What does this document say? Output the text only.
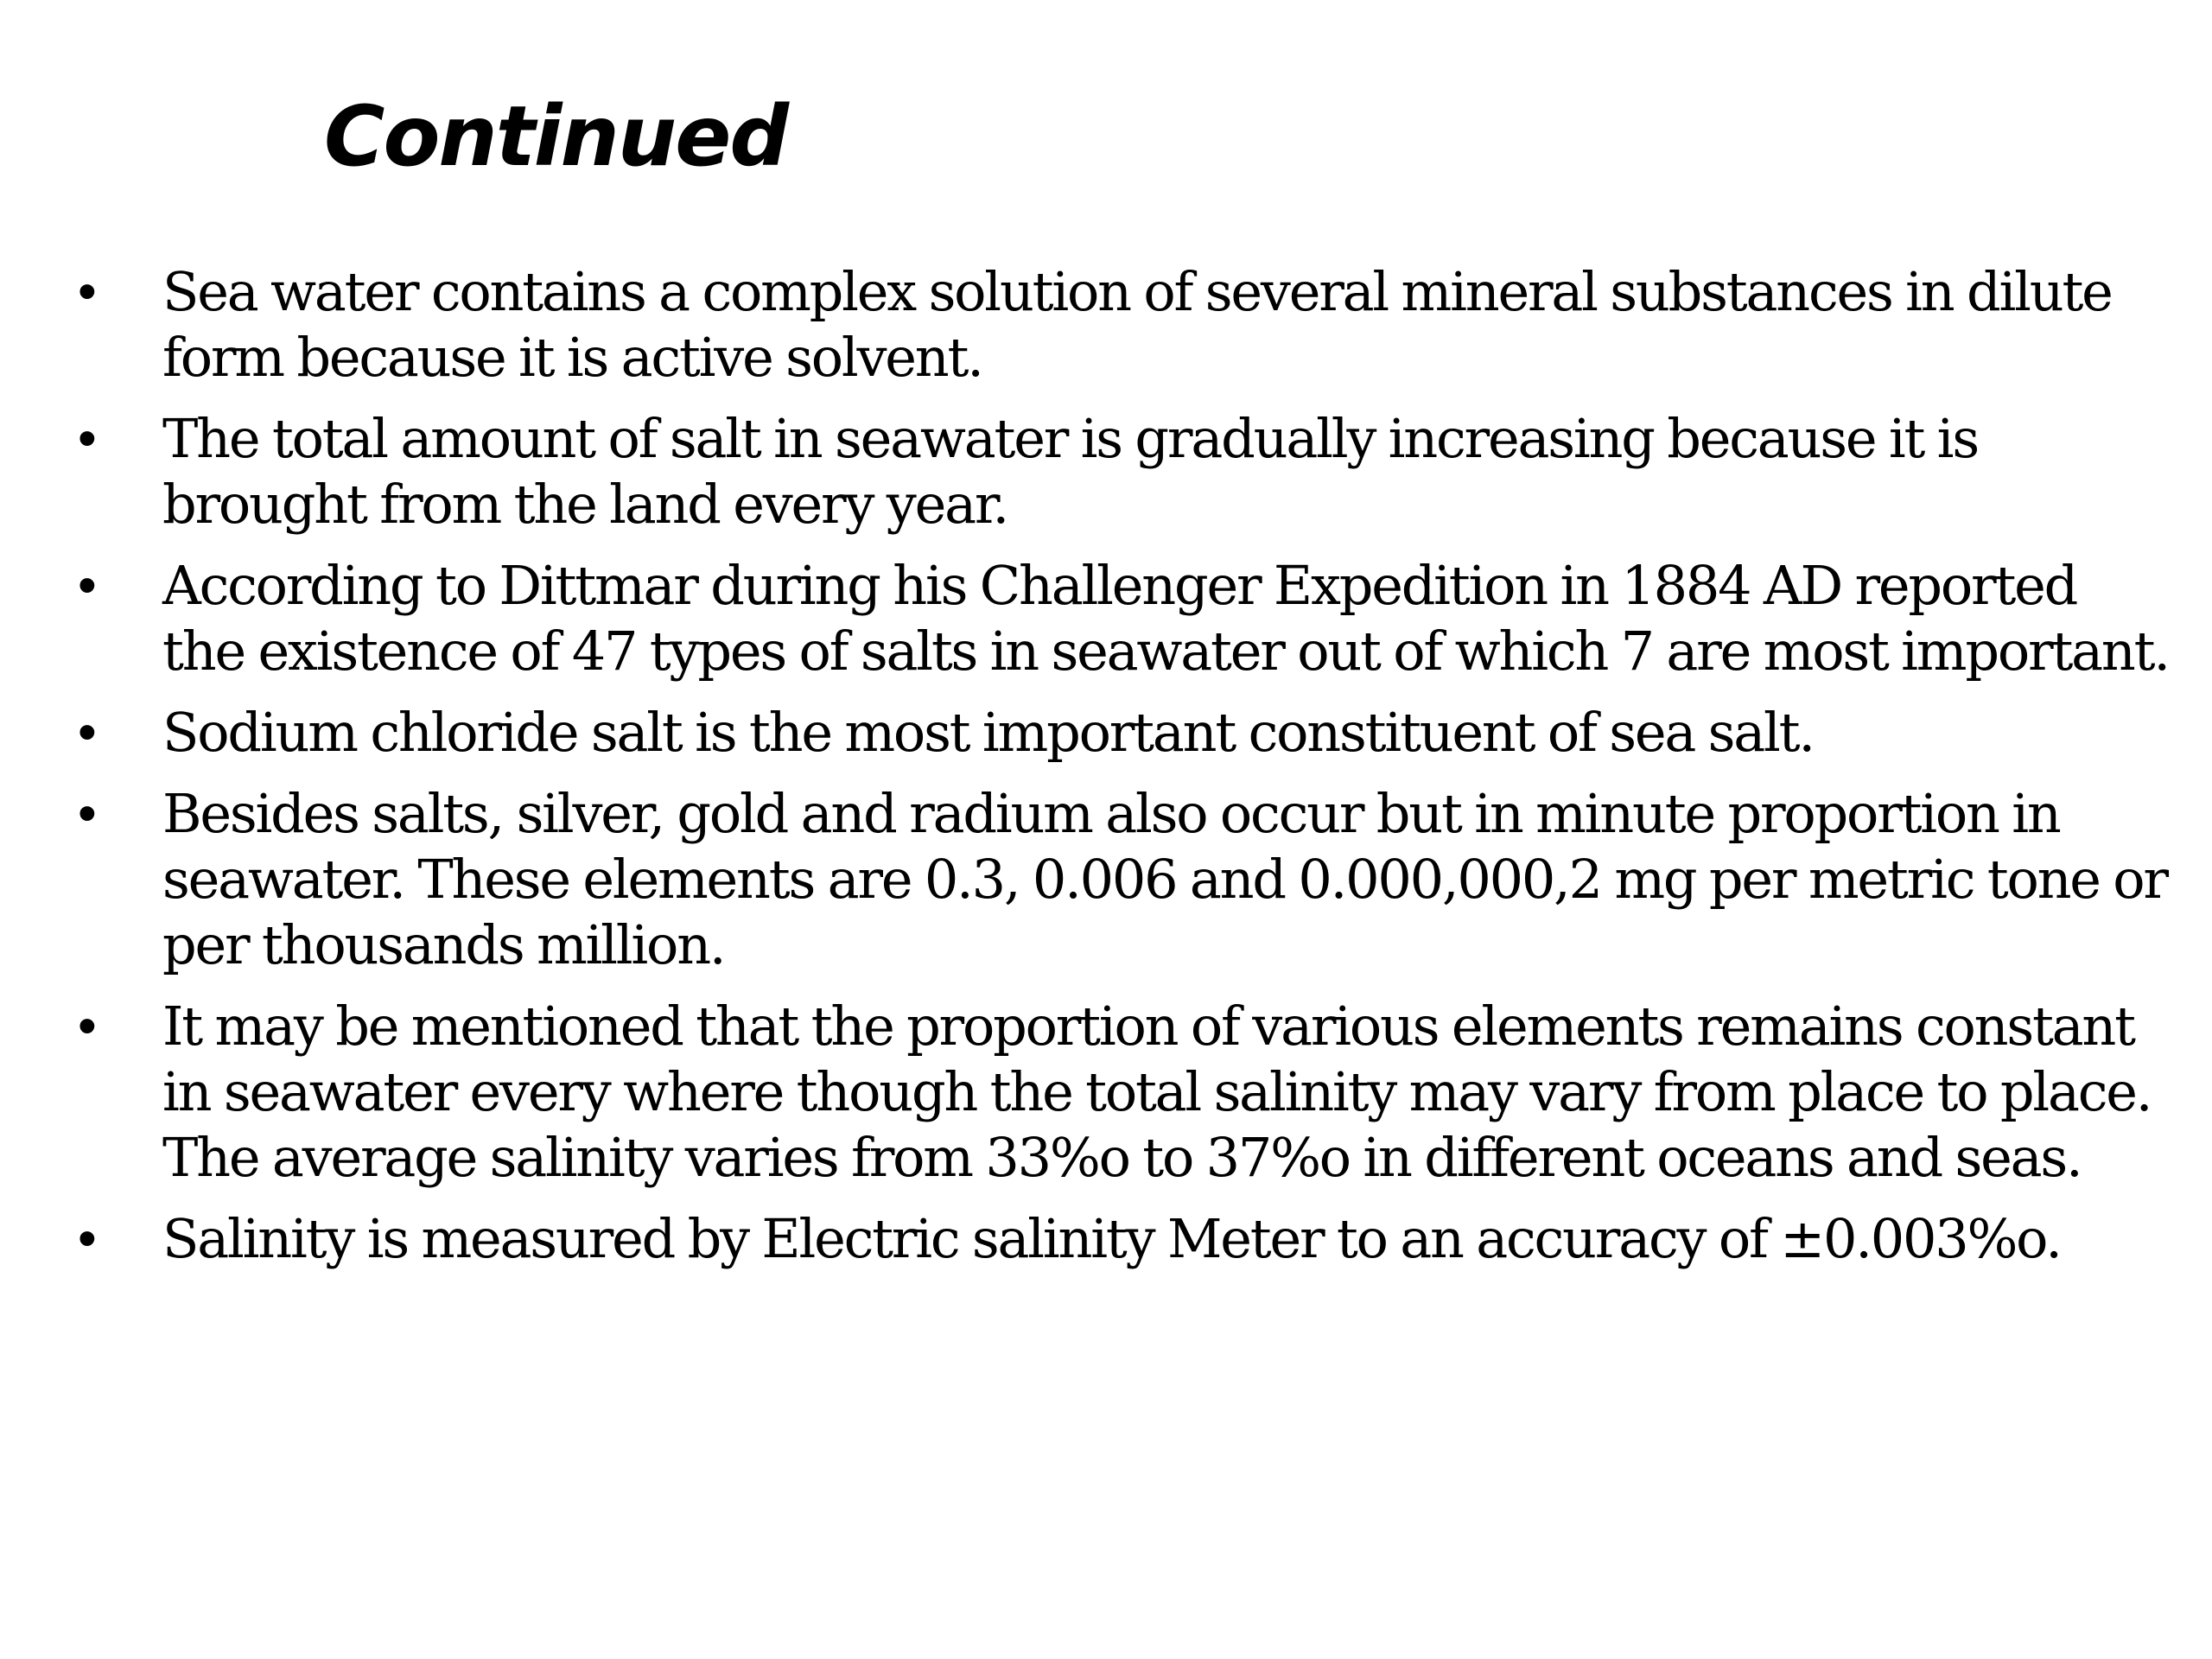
Continued
•	Sea water contains a complex solution of several mineral substances in dilute form because it is active solvent.
•	The total amount of salt in seawater is gradually increasing because it is brought from the land every year.
•	According to Dittmar during his Challenger Expedition in 1884 AD reported the existence of 47 types of salts in seawater out of which 7 are most important.
•	Sodium chloride salt is the most important constituent of sea salt.
•	Besides salts, silver, gold and radium also occur but in minute proportion in seawater. These elements are 0.3, 0.006 and 0.000,000,2 mg per metric tone or per thousands million.
•	It may be mentioned that the proportion of various elements remains constant in seawater every where though the total salinity may vary from place to place. The average salinity varies from 33%o to 37%o in different oceans and seas.
•	Salinity is measured by Electric salinity Meter to an accuracy of ±0.003%o.
